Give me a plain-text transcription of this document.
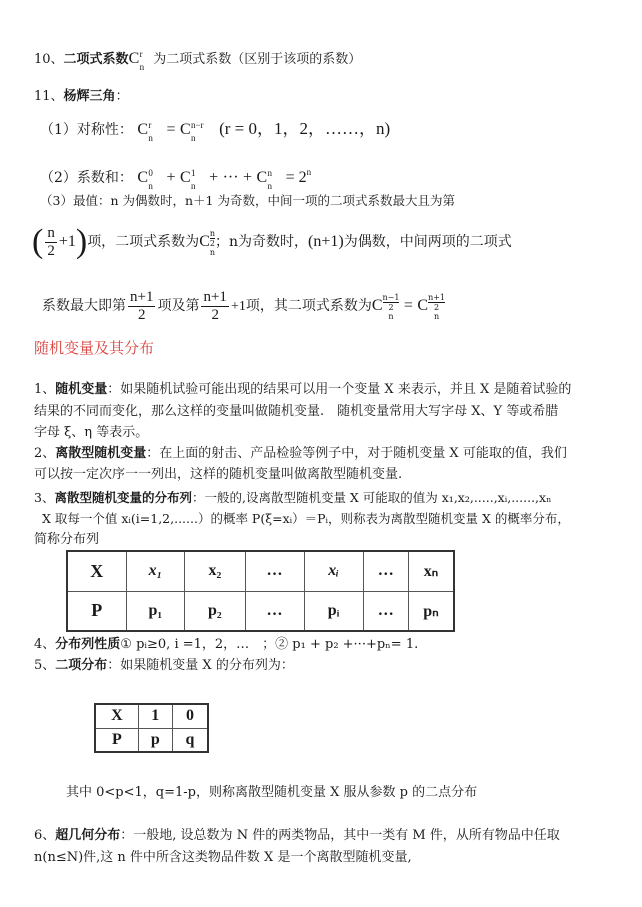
10、二项式系数C r
n 为二项式系数（区别于该项的系数）
11、杨辉三角：
（1）对称性： C r
n = C n−r
n (r = 0，1，2，……，n)
（2）系数和： C 0
n + C 1
n + ··· + C n
$n = 2^n$
（3）最值：n 为偶数时，n＋1 为奇数，中间一项的二项式系数最大且为第
( $\frac{n}{2} +1$)项，二项式系数为C n
2
n
；n为奇数时，(n+1)为偶数，中间两项的二项式
系数最大即第 $\frac{n+1}{2}$ 项及第 $\frac{n+1}{2} +1$项，其二项式系数为C n−1
2
n
= C n+1
2
n
随机变量及其分布
1、随机变量：如果随机试验可能出现的结果可以用一个变量 X 来表示，并且 X 是随着试验的
结果的不同而变化，那么这样的变量叫做随机变量.　随机变量常用大写字母 X、Y 等或希腊
字母 ξ、η 等表示。
2、离散型随机变量：在上面的射击、产品检验等例子中，对于随机变量 X 可能取的值，我们
可以按一定次序一一列出，这样的随机变量叫做离散型随机变量.
3、离散型随机变量的分布列：一般的,设离散型随机变量 X 可能取的值为 x₁,x₂,.....,xᵢ,......,xₙ
X 取每一个值 xᵢ(i=1,2,......）的概率 P(ξ=xᵢ）＝Pᵢ，则称表为离散型随机变量 X 的概率分布，
简称分布列
X	x₁	x₂	…	xᵢ	…	xₙ
P	p₁	p₂	…	pᵢ	…	pₙ
4、分布列性质① pᵢ≥0, i =1，2，…　；② p₁ + p₂ +···+pₙ= 1.
5、二项分布：如果随机变量 X 的分布列为：
X	1	0
P	p	q
其中 0<p<1，q=1-p，则称离散型随机变量 X 服从参数 p 的二点分布
6、超几何分布：一般地, 设总数为 N 件的两类物品，其中一类有 M 件，从所有物品中任取
n(n≤N)件,这 n 件中所含这类物品件数 X 是一个离散型随机变量,
